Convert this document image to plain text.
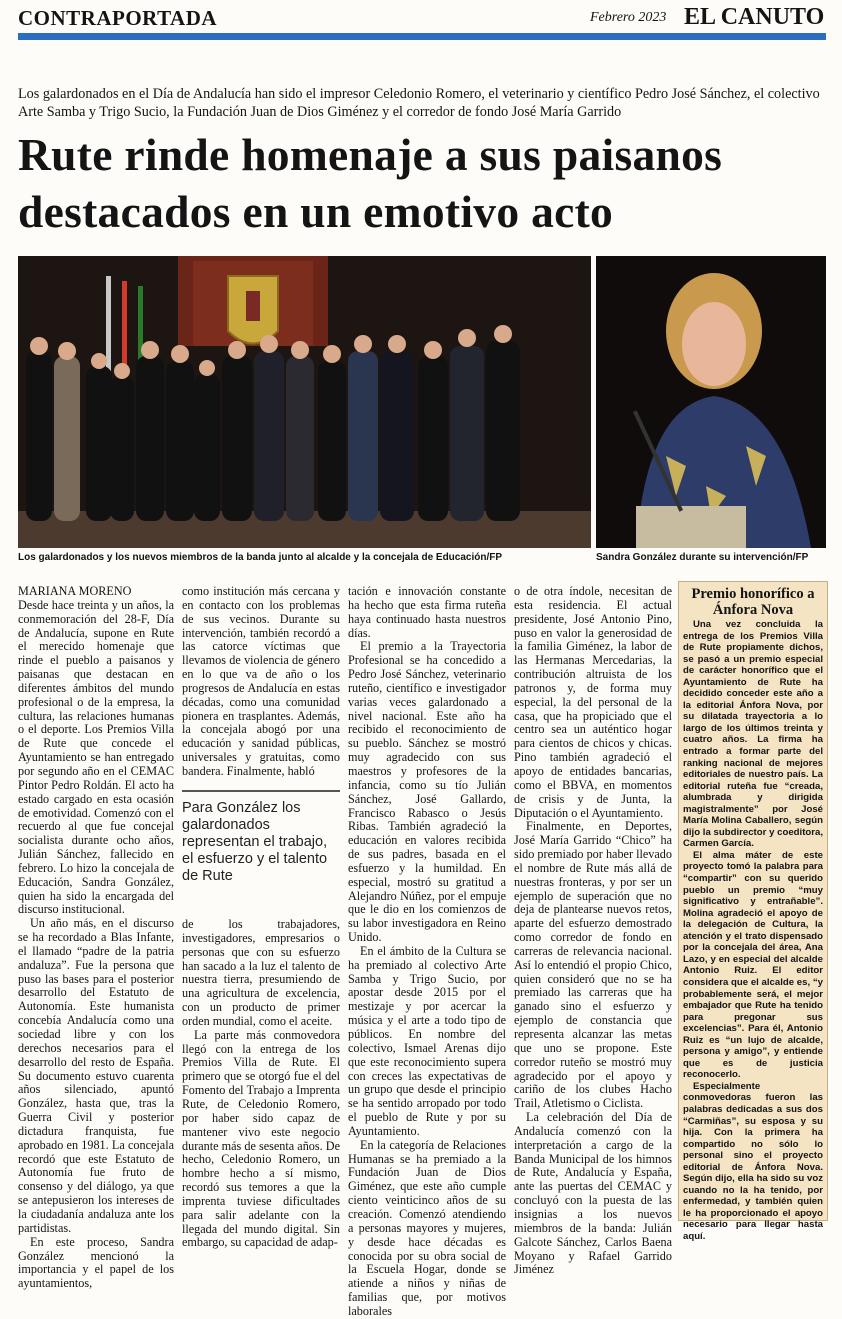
CONTRAPORTADA	Febrero 2023 EL CANUTO
Los galardonados en el Día de Andalucía han sido el impresor Celedonio Romero, el veterinario y científico Pedro José Sánchez, el colectivo Arte Samba y Trigo Sucio, la Fundación Juan de Dios Giménez y el corredor de fondo José María Garrido
Rute rinde homenaje a sus paisanos destacados en un emotivo acto
Los galardonados y los nuevos miembros de la banda junto al alcalde y la concejala de Educación/FP	Sandra González durante su intervención/FP
MARIANA MORENO

Desde hace treinta y un años, la conmemoración del 28-F, Día de Andalucía, supone en Rute el merecido homenaje que rinde el pueblo a paisanos y paisanas que destacan en diferentes ámbitos del mundo profesional o de la empresa, la cultura, las relaciones humanas o el deporte. Los Premios Villa de Rute que concede el Ayuntamiento se han entregado por segundo año en el CEMAC Pintor Pedro Roldán. El acto ha estado cargado en esta ocasión de emotividad. Comenzó con el recuerdo al que fue concejal socialista durante ocho años, Julián Sánchez, fallecido en febrero. Lo hizo la concejala de Educación, Sandra González, quien ha sido la encargada del discurso institucional.

Un año más, en el discurso se ha recordado a Blas Infante, el llamado “padre de la patria andaluza”. Fue la persona que puso las bases para el posterior desarrollo del Estatuto de Autonomía. Este humanista concebía Andalucía como una sociedad libre y con los derechos necesarios para el desarrollo del resto de España. Su documento estuvo cuarenta años silenciado, apuntó González, hasta que, tras la Guerra Civil y posterior dictadura franquista, fue aprobado en 1981. La concejala recordó que este Estatuto de Autonomía fue fruto de consenso y del diálogo, ya que se antepusieron los intereses de la ciudadanía andaluza ante los partidistas.

En este proceso, Sandra González mencionó la importancia y el papel de los ayuntamientos,

como institución más cercana y en contacto con los problemas de sus vecinos. Durante su intervención, también recordó a las catorce víctimas que llevamos de violencia de género en lo que va de año o los progresos de Andalucía en estas décadas, como una comunidad pionera en trasplantes. Además, la concejala abogó por una educación y sanidad públicas, universales y gratuitas, como bandera. Finalmente, habló

Para González los galardonados representan el trabajo, el esfuerzo y el talento de Rute

de los trabajadores, investigadores, empresarios o personas que con su esfuerzo han sacado a la luz el talento de nuestra tierra, presumiendo de una agricultura de excelencia, con un producto de primer orden mundial, como el aceite.

La parte más conmovedora llegó con la entrega de los Premios Villa de Rute. El primero que se otorgó fue el del Fomento del Trabajo a Imprenta Rute, de Celedonio Romero, por haber sido capaz de mantener vivo este negocio durante más de sesenta años. De hecho, Celedonio Romero, un hombre hecho a sí mismo, recordó sus temores a que la imprenta tuviese dificultades para salir adelante con la llegada del mundo digital. Sin embargo, su capacidad de adap-

tación e innovación constante ha hecho que esta firma ruteña haya continuado hasta nuestros días.

El premio a la Trayectoria Profesional se ha concedido a Pedro José Sánchez, veterinario ruteño, científico e investigador varias veces galardonado a nivel nacional. Este año ha recibido el reconocimiento de su pueblo. Sánchez se mostró muy agradecido con sus maestros y profesores de la infancia, como su tío Julián Sánchez, José Gallardo, Francisco Rabasco o Jesús Ribas. También agradeció la educación en valores recibida de sus padres, basada en el esfuerzo y la humildad. En especial, mostró su gratitud a Alejandro Núñez, por el empuje que le dio en los comienzos de su labor investigadora en Reino Unido.

En el ámbito de la Cultura se ha premiado al colectivo Arte Samba y Trigo Sucio, por apostar desde 2015 por el mestizaje y por acercar la música y el arte a todo tipo de públicos. En nombre del colectivo, Ismael Arenas dijo que este reconocimiento supera con creces las expectativas de un grupo que desde el principio se ha sentido arropado por todo el pueblo de Rute y por su Ayuntamiento.

En la categoría de Relaciones Humanas se ha premiado a la Fundación Juan de Dios Giménez, que este año cumple ciento veinticinco años de su creación. Comenzó atendiendo a personas mayores y mujeres, y desde hace décadas es conocida por su obra social de la Escuela Hogar, donde se atiende a niños y niñas de familias que, por motivos laborales

o de otra índole, necesitan de esta residencia. El actual presidente, José Antonio Pino, puso en valor la generosidad de la familia Giménez, la labor de las Hermanas Mercedarias, la contribución altruista de los patronos y, de forma muy especial, la del personal de la casa, que ha propiciado que el centro sea un auténtico hogar para cientos de chicos y chicas. Pino también agradeció el apoyo de entidades bancarias, como el BBVA, en momentos de crisis y de Junta, la Diputación o el Ayuntamiento.

Finalmente, en Deportes, José María Garrido “Chico” ha sido premiado por haber llevado el nombre de Rute más allá de nuestras fronteras, y por ser un ejemplo de superación que no deja de plantearse nuevos retos, aparte del esfuerzo demostrado como corredor de fondo en carreras de relevancia nacional. Así lo entendió el propio Chico, quien consideró que no se ha premiado las carreras que ha ganado sino el esfuerzo y ejemplo de constancia que representa alcanzar las metas que uno se propone. Este corredor ruteño se mostró muy agradecido por el apoyo y cariño de los clubes Hacho Trail, Atletismo o Ciclista.

La celebración del Día de Andalucía comenzó con la interpretación a cargo de la Banda Municipal de los himnos de Rute, Andalucía y España, ante las puertas del CEMAC y concluyó con la puesta de las insignias a los nuevos miembros de la banda: Julián Galcote Sánchez, Carlos Baena Moyano y Rafael Garrido Jiménez

Premio honorífico a
Ánfora Nova

Una vez concluida la entrega de los Premios Villa de Rute propiamente dichos, se pasó a un premio especial de carácter honorífico que el Ayuntamiento de Rute ha decidido conceder este año a la editorial Ánfora Nova, por su dilatada trayectoria a lo largo de los últimos treinta y cuatro años. La firma ha entrado a formar parte del ranking nacional de mejores editoriales de nuestro país. La editorial ruteña fue “creada, alumbrada y dirigida magistralmente” por José María Molina Caballero, según dijo la subdirector y coeditora, Carmen García.

El alma máter de este proyecto tomó la palabra para “compartir” con su querido pueblo un premio “muy significativo y entrañable”. Molina agradeció el apoyo de la delegación de Cultura, la atención y el trato dispensado por la concejala del área, Ana Lazo, y en especial del alcalde Antonio Ruiz. El editor considera que el alcalde es, “y probablemente será, el mejor embajador que Rute ha tenido para pregonar sus excelencias”. Para él, Antonio Ruiz es “un lujo de alcalde, persona y amigo”, y entiende que es de justicia reconocerlo.

Especialmente conmovedoras fueron las palabras dedicadas a sus dos “Carmiñas”, su esposa y su hija. Con la primera ha compartido no sólo lo personal sino el proyecto editorial de Ánfora Nova. Según dijo, ella ha sido su voz cuando no la ha tenido, por enfermedad, y también quien le ha proporcionado el apoyo necesario para llegar hasta aquí.
